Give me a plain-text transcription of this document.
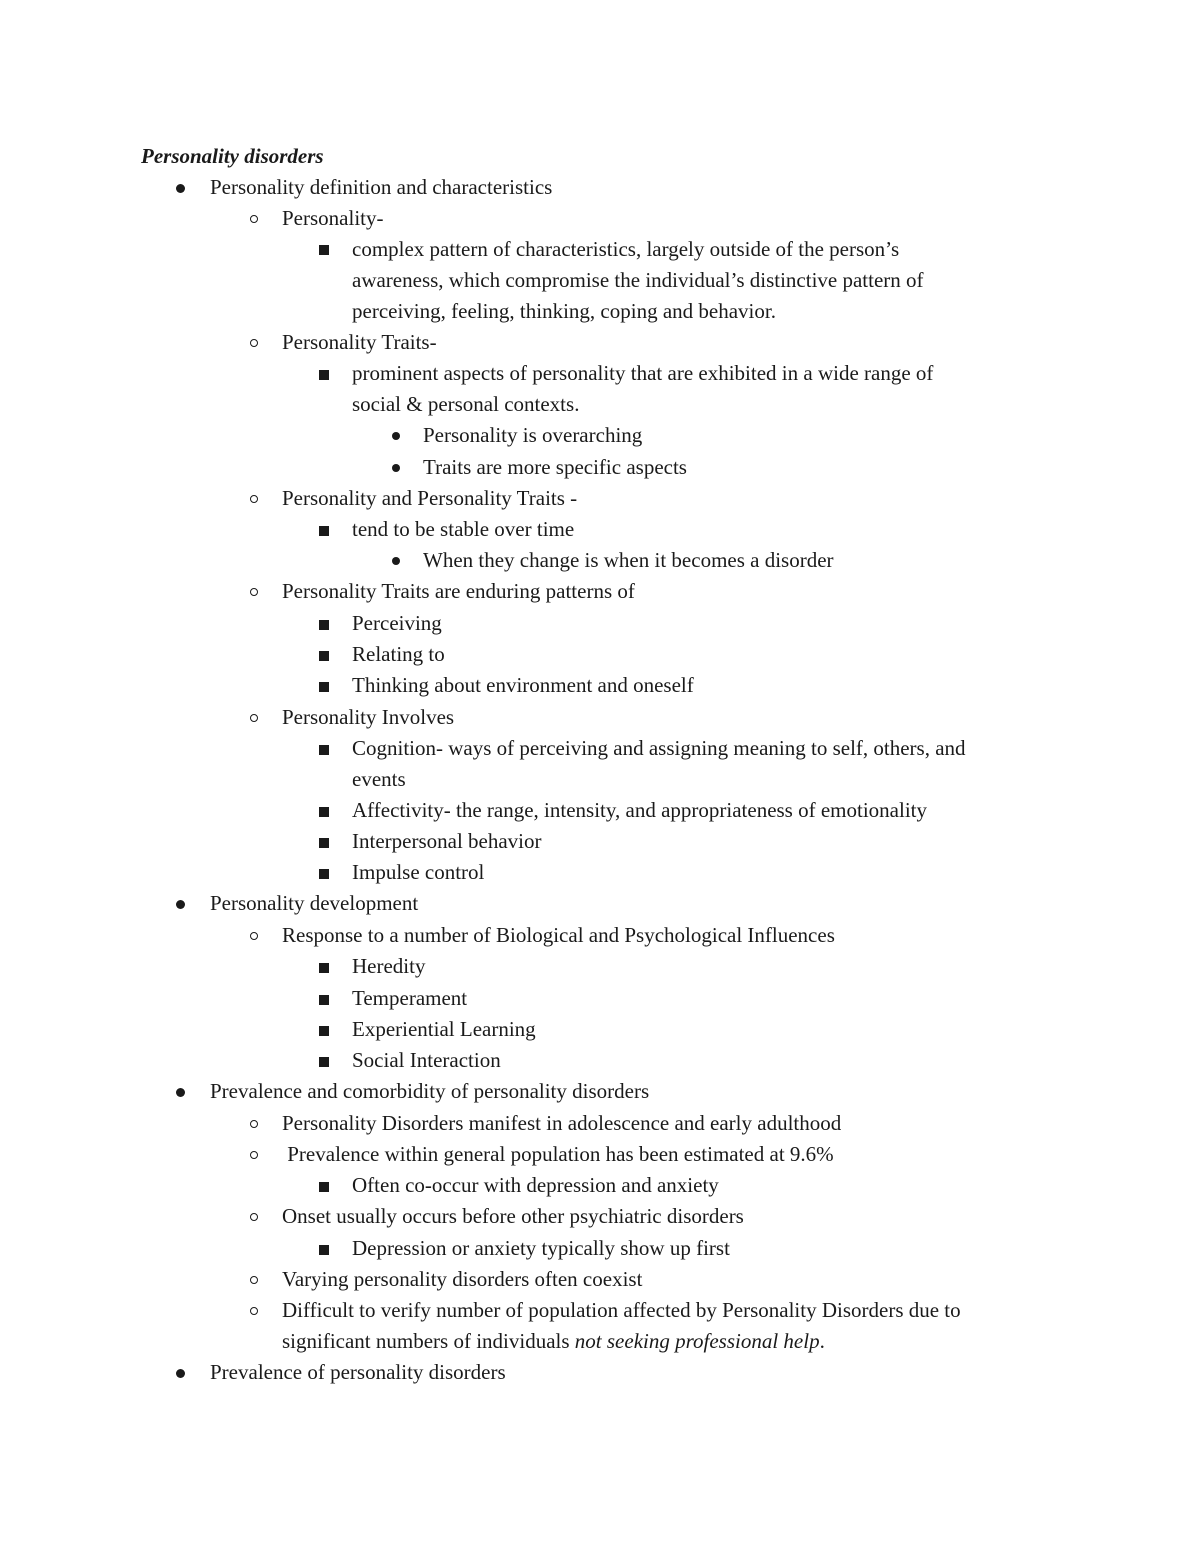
Personality disorders
Personality definition and characteristics
Personality-
complex pattern of characteristics, largely outside of the person’s
awareness, which compromise the individual’s distinctive pattern of
perceiving, feeling, thinking, coping and behavior.
Personality Traits-
prominent aspects of personality that are exhibited in a wide range of
social & personal contexts.
Personality is overarching
Traits are more specific aspects
Personality and Personality Traits -
tend to be stable over time
When they change is when it becomes a disorder
Personality Traits are enduring patterns of
Perceiving
Relating to
Thinking about environment and oneself
Personality Involves
Cognition- ways of perceiving and assigning meaning to self, others, and
events
Affectivity- the range, intensity, and appropriateness of emotionality
Interpersonal behavior
Impulse control
Personality development
Response to a number of Biological and Psychological Influences
Heredity
Temperament
Experiential Learning
Social Interaction
Prevalence and comorbidity of personality disorders
Personality Disorders manifest in adolescence and early adulthood
Prevalence within general population has been estimated at 9.6%
Often co-occur with depression and anxiety
Onset usually occurs before other psychiatric disorders
Depression or anxiety typically show up first
Varying personality disorders often coexist
Difficult to verify number of population affected by Personality Disorders due to
significant numbers of individuals not seeking professional help.
Prevalence of personality disorders
